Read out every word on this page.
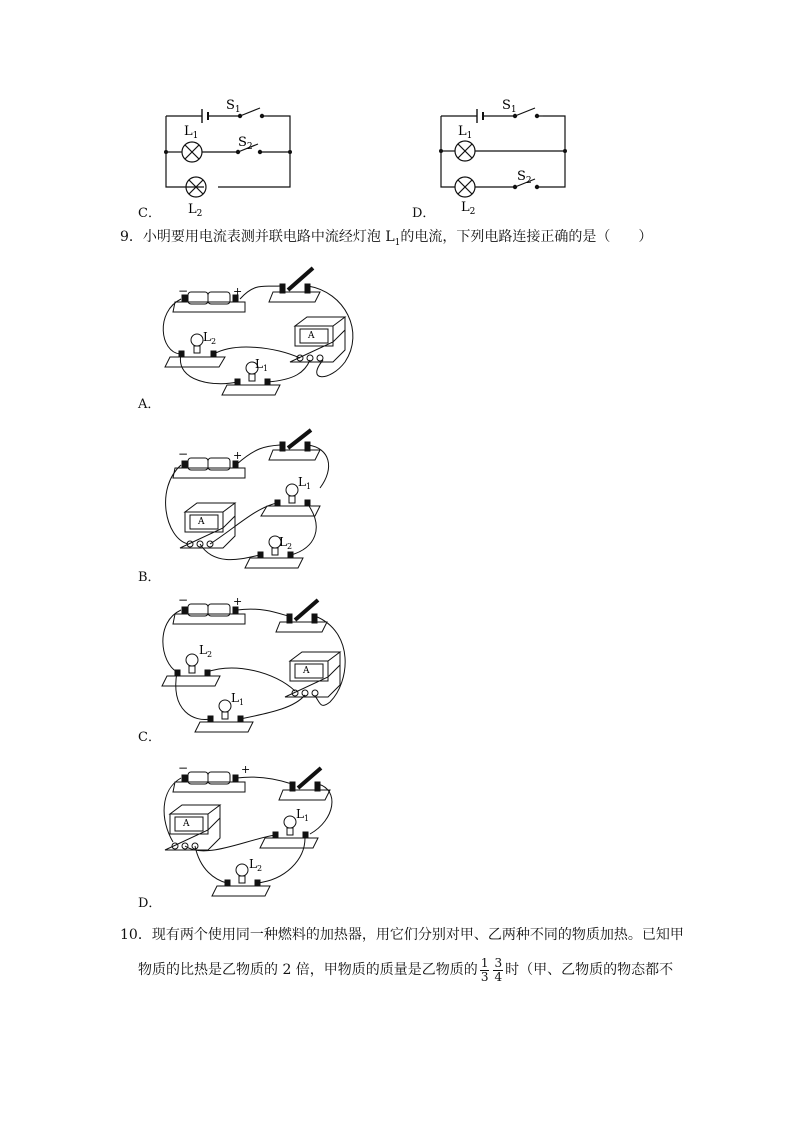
$S_1$
$S_2$
$L_1$
$L_2$
C．
$S_1$
$S_2$
$L_1$
$L_2$
D．
9．小明要用电流表测并联电路中流经灯泡 $L_1$的电流，下列电路连接正确的是（　　）
A
−	+
$L_2$
$L_1$
A．
A
−	+
$L_1$
$L_2$
B．
A
−	+
$L_2$
$L_1$
C．
A
−	+
$L_1$
$L_2$
D．
10．现有两个使用同一种燃料的加热器，用它们分别对甲、乙两种不同的物质加热。已知甲
物质的比热是乙物质的 2 倍，甲物质的质量是乙物质的 $\frac{1}{3} \frac{3}{4}$ 时（甲、乙物质的物态都不
